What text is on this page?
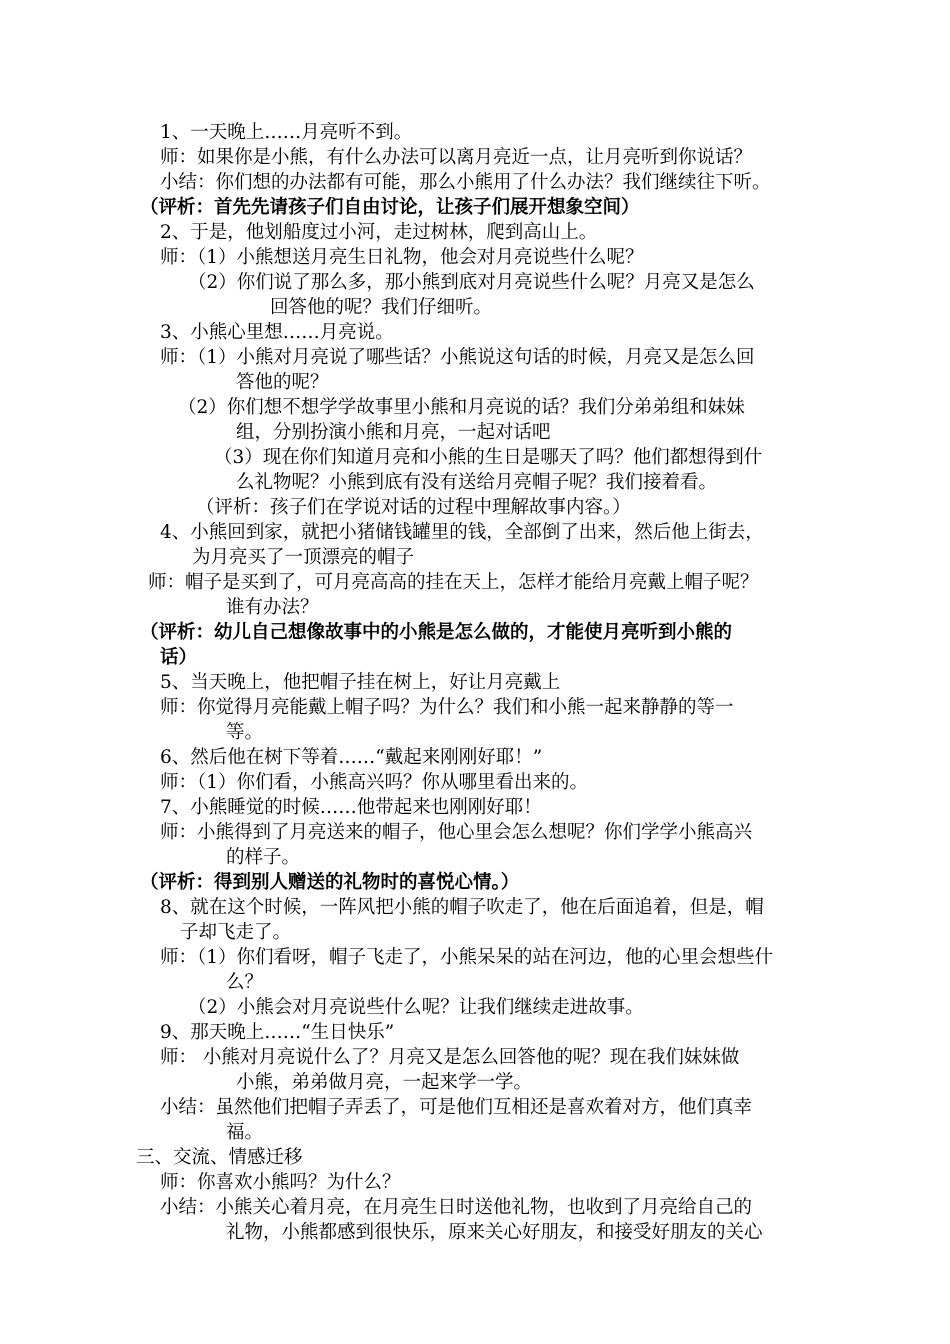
1、一天晚上……月亮听不到。
师：如果你是小熊，有什么办法可以离月亮近一点，让月亮听到你说话？
小结：你们想的办法都有可能，那么小熊用了什么办法？我们继续往下听。
（评析：首先先请孩子们自由讨论，让孩子们展开想象空间）
2、于是，他划船度过小河，走过树林，爬到高山上。
师：（1）小熊想送月亮生日礼物，他会对月亮说些什么呢？
（2）你们说了那么多，那小熊到底对月亮说些什么呢？月亮又是怎么
回答他的呢？我们仔细听。
3、小熊心里想……月亮说。
师：（1）小熊对月亮说了哪些话？小熊说这句话的时候，月亮又是怎么回
答他的呢？
（2）你们想不想学学故事里小熊和月亮说的话？我们分弟弟组和妹妹
组，分别扮演小熊和月亮，一起对话吧
（3）现在你们知道月亮和小熊的生日是哪天了吗？他们都想得到什
么礼物呢？小熊到底有没有送给月亮帽子呢？我们接着看。
（评析：孩子们在学说对话的过程中理解故事内容。）
4、小熊回到家，就把小猪储钱罐里的钱，全部倒了出来，然后他上街去，
为月亮买了一顶漂亮的帽子
师：帽子是买到了，可月亮高高的挂在天上，怎样才能给月亮戴上帽子呢？
谁有办法？
（评析：幼儿自己想像故事中的小熊是怎么做的，才能使月亮听到小熊的
话）
5、当天晚上，他把帽子挂在树上，好让月亮戴上
师：你觉得月亮能戴上帽子吗？为什么？我们和小熊一起来静静的等一
等。
6、然后他在树下等着……“戴起来刚刚好耶！”
师：（1）你们看，小熊高兴吗？你从哪里看出来的。
7、小熊睡觉的时候……他带起来也刚刚好耶！
师：小熊得到了月亮送来的帽子，他心里会怎么想呢？你们学学小熊高兴
的样子。
（评析：得到别人赠送的礼物时的喜悦心情。）
8、就在这个时候，一阵风把小熊的帽子吹走了，他在后面追着，但是，帽
子却飞走了。
师：（1）你们看呀，帽子飞走了，小熊呆呆的站在河边，他的心里会想些什
么？
（2）小熊会对月亮说些什么呢？让我们继续走进故事。
9、那天晚上……“生日快乐”
师： 小熊对月亮说什么了？月亮又是怎么回答他的呢？现在我们妹妹做
小熊，弟弟做月亮，一起来学一学。
小结：虽然他们把帽子弄丢了，可是他们互相还是喜欢着对方，他们真幸
福。
三、交流、情感迁移
师：你喜欢小熊吗？为什么？
小结：小熊关心着月亮，在月亮生日时送他礼物，也收到了月亮给自己的
礼物，小熊都感到很快乐，原来关心好朋友，和接受好朋友的关心
